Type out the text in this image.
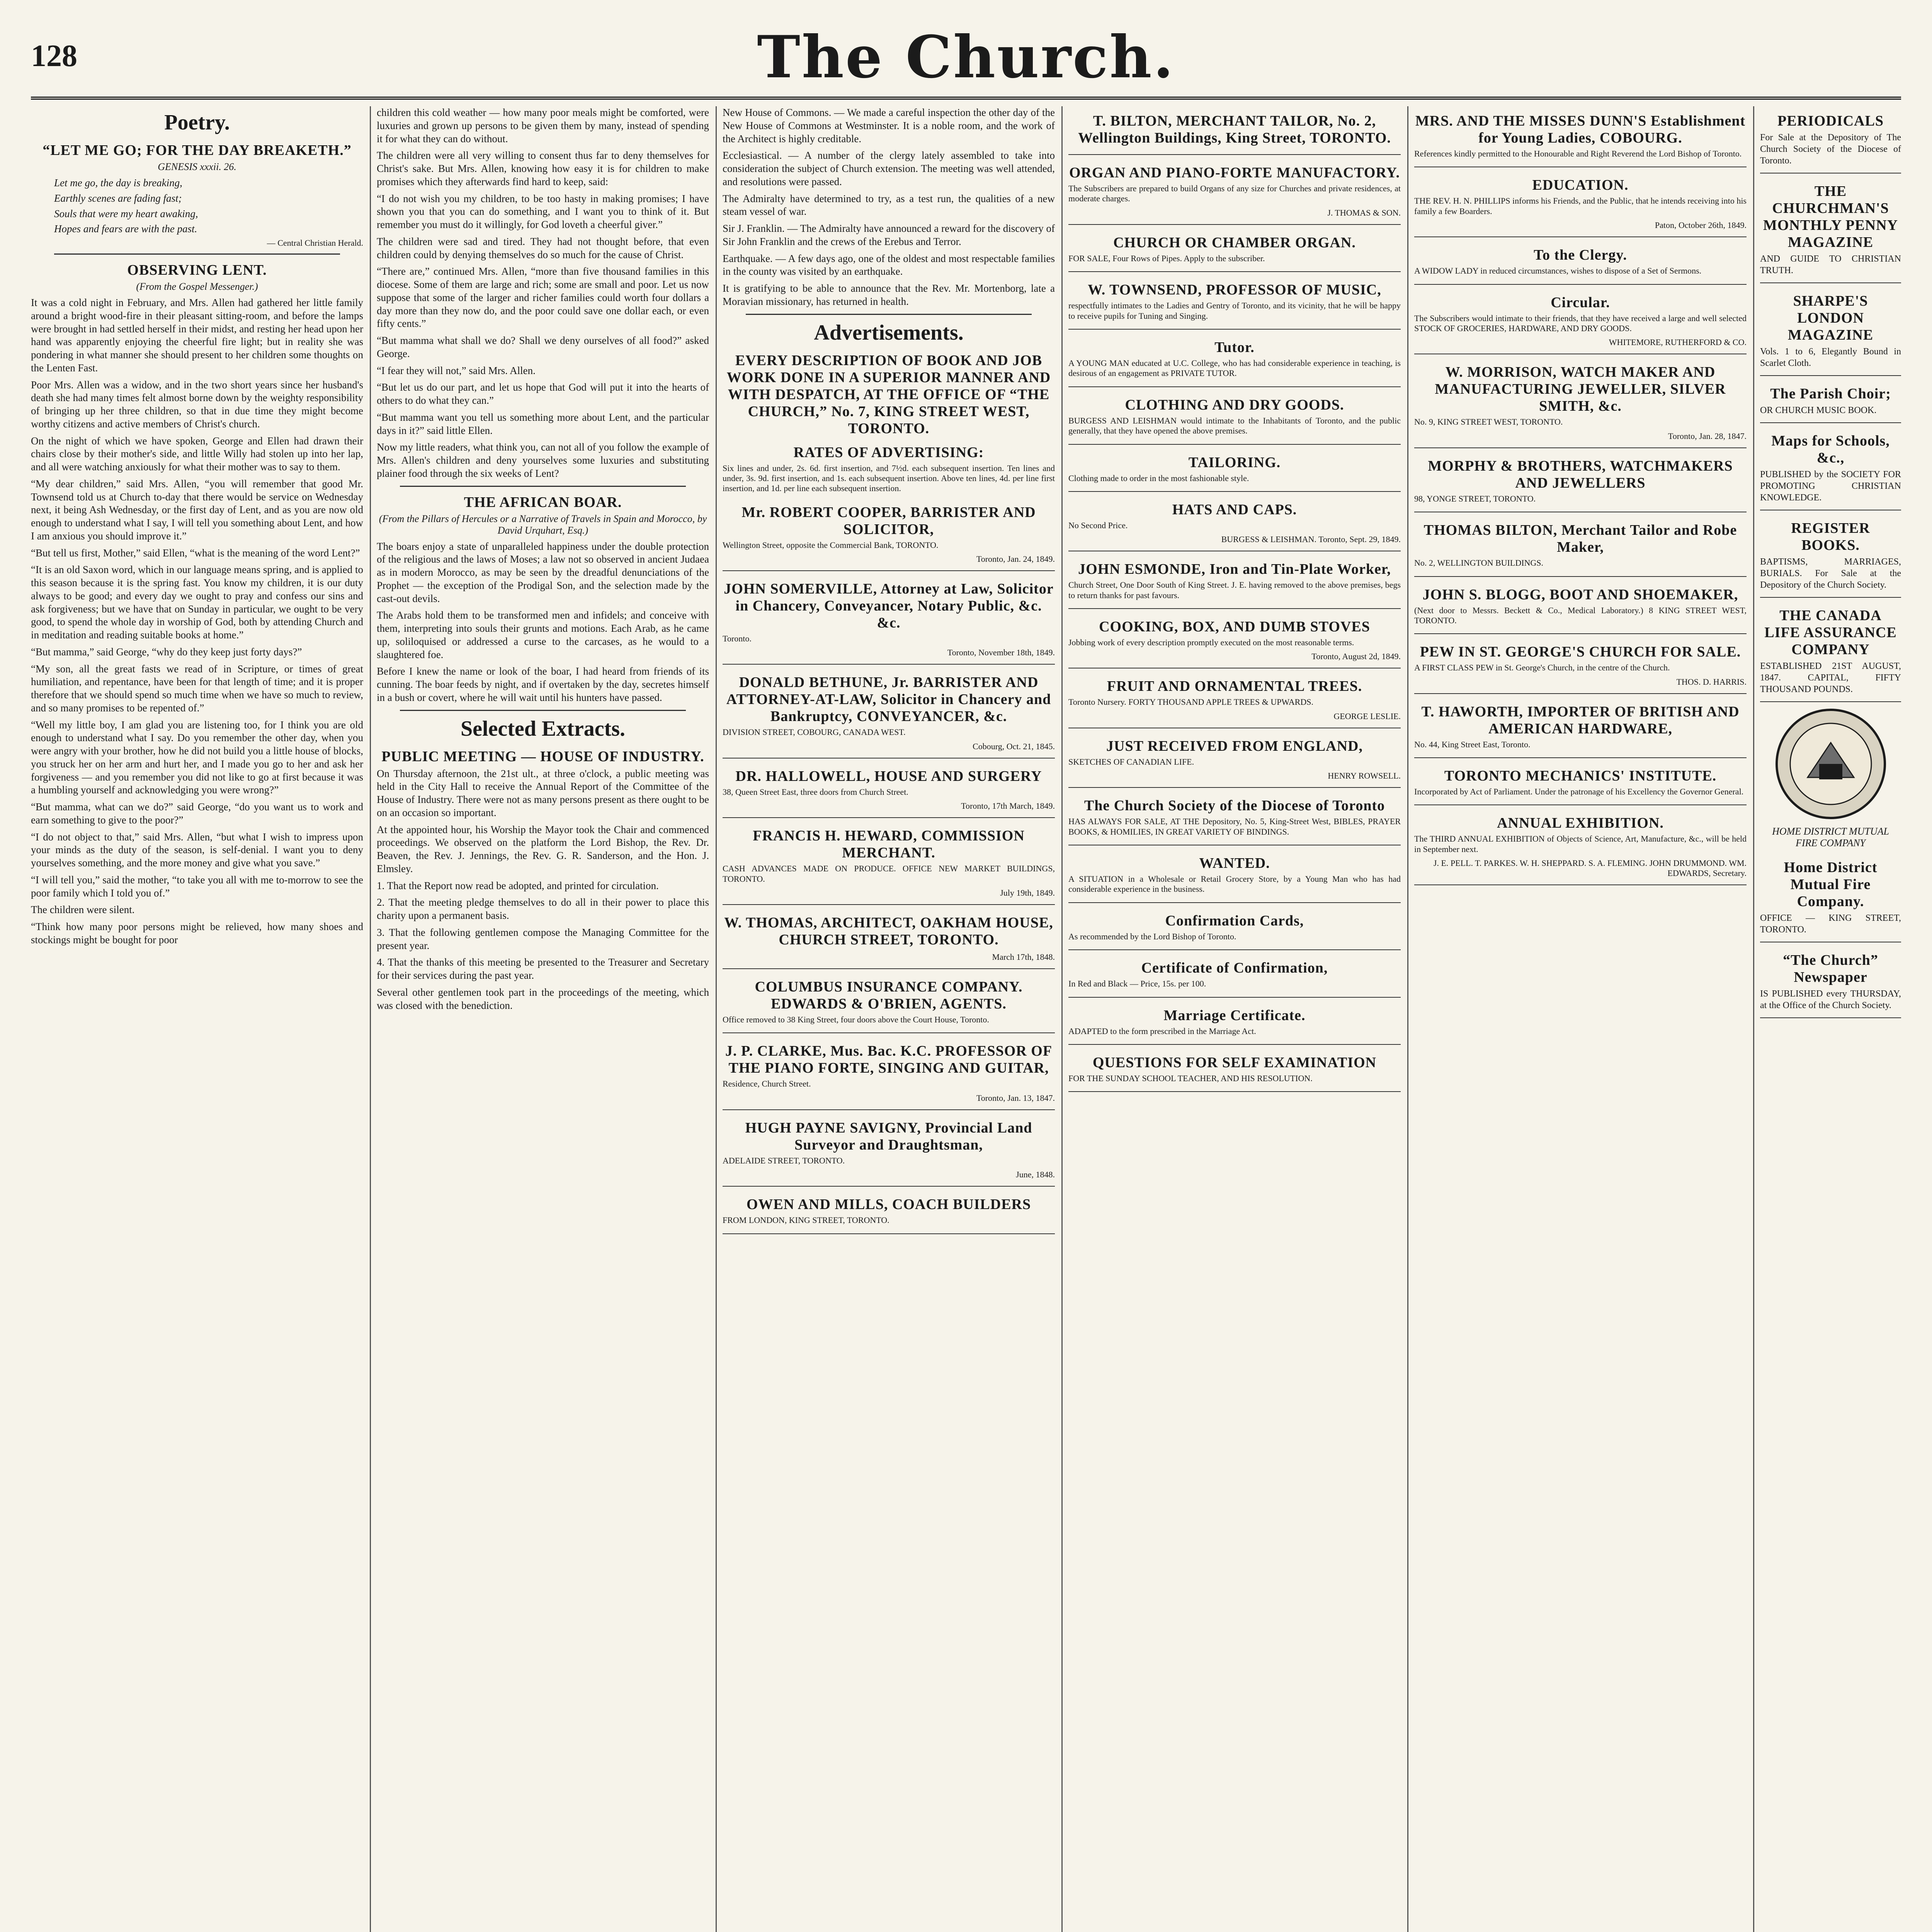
128	The Church.
Poetry.
“LET ME GO; FOR THE DAY BREAKETH.”
GENESIS xxxii. 26.

Let me go, the day is breaking,

Earthly scenes are fading fast;

Souls that were my heart awaking,

Hopes and fears are with the past.

— Central Christian Herald.
OBSERVING LENT.
(From the Gospel Messenger.)

It was a cold night in February, and Mrs. Allen had gathered her little family around a bright wood-fire in their pleasant sitting-room, and before the lamps were brought in had settled herself in their midst, and resting her head upon her hand was apparently enjoying the cheerful fire light; but in reality she was pondering in what manner she should present to her children some thoughts on the Lenten Fast.

Poor Mrs. Allen was a widow, and in the two short years since her husband's death she had many times felt almost borne down by the weighty responsibility of bringing up her three children, so that in due time they might become worthy citizens and active members of Christ's church.

On the night of which we have spoken, George and Ellen had drawn their chairs close by their mother's side, and little Willy had stolen up into her lap, and all were watching anxiously for what their mother was to say to them.

“My dear children,” said Mrs. Allen, “you will remember that good Mr. Townsend told us at Church to-day that there would be service on Wednesday next, it being Ash Wednesday, or the first day of Lent, and as you are now old enough to understand what I say, I will tell you something about Lent, and how I am anxious you should improve it.”

“But tell us first, Mother,” said Ellen, “what is the meaning of the word Lent?”

“It is an old Saxon word, which in our language means spring, and is applied to this season because it is the spring fast. You know my children, it is our duty always to be good; and every day we ought to pray and confess our sins and ask forgiveness; but we have that on Sunday in particular, we ought to be very good, to spend the whole day in worship of God, both by attending Church and in meditation and reading suitable books at home.”

“But mamma,” said George, “why do they keep just forty days?”

“My son, all the great fasts we read of in Scripture, or times of great humiliation, and repentance, have been for that length of time; and it is proper therefore that we should spend so much time when we have so much to review, and so many promises to be repented of.”

“Well my little boy, I am glad you are listening too, for I think you are old enough to understand what I say. Do you remember the other day, when you were angry with your brother, how he did not build you a little house of blocks, you struck her on her arm and hurt her, and I made you go to her and ask her forgiveness — and you remember you did not like to go at first because it was a humbling yourself and acknowledging you were wrong?”

“But mamma, what can we do?” said George, “do you want us to work and earn something to give to the poor?”

“I do not object to that,” said Mrs. Allen, “but what I wish to impress upon your minds as the duty of the season, is self-denial. I want you to deny yourselves something, and the more money and give what you save.”

“I will tell you,” said the mother, “to take you all with me to-morrow to see the poor family which I told you of.”

The children were silent.

“Think how many poor persons might be relieved, how many shoes and stockings might be bought for poor

children this cold weather — how many poor meals might be comforted, were luxuries and grown up persons to be given them by many, instead of spending it for what they can do without.

The children were all very willing to consent thus far to deny themselves for Christ's sake. But Mrs. Allen, knowing how easy it is for children to make promises which they afterwards find hard to keep, said:

“I do not wish you my children, to be too hasty in making promises; I have shown you that you can do something, and I want you to think of it. But remember you must do it willingly, for God loveth a cheerful giver.”

The children were sad and tired. They had not thought before, that even children could by denying themselves do so much for the cause of Christ.

“There are,” continued Mrs. Allen, “more than five thousand families in this diocese. Some of them are large and rich; some are small and poor. Let us now suppose that some of the larger and richer families could worth four dollars a day more than they now do, and the poor could save one dollar each, or even fifty cents.”

“But mamma what shall we do? Shall we deny ourselves of all food?” asked George.

“I fear they will not,” said Mrs. Allen.

“But let us do our part, and let us hope that God will put it into the hearts of others to do what they can.”

“But mamma want you tell us something more about Lent, and the particular days in it?” said little Ellen.

Now my little readers, what think you, can not all of you follow the example of Mrs. Allen's children and deny yourselves some luxuries and substituting plainer food through the six weeks of Lent?

THE AFRICAN BOAR.
(From the Pillars of Hercules or a Narrative of Travels in Spain and Morocco, by David Urquhart, Esq.)

The boars enjoy a state of unparalleled happiness under the double protection of the religious and the laws of Moses; a law not so observed in ancient Judaea as in modern Morocco, as may be seen by the dreadful denunciations of the Prophet — the exception of the Prodigal Son, and the selection made by the cast-out devils.

The Arabs hold them to be transformed men and infidels; and conceive with them, interpreting into souls their grunts and motions. Each Arab, as he came up, soliloquised or addressed a curse to the carcases, as he would to a slaughtered foe.

Before I knew the name or look of the boar, I had heard from friends of its cunning. The boar feeds by night, and if overtaken by the day, secretes himself in a bush or covert, where he will wait until his hunters have passed.

Selected Extracts.
PUBLIC MEETING — HOUSE OF INDUSTRY.

On Thursday afternoon, the 21st ult., at three o'clock, a public meeting was held in the City Hall to receive the Annual Report of the Committee of the House of Industry. There were not as many persons present as there ought to be on an occasion so important.

At the appointed hour, his Worship the Mayor took the Chair and commenced proceedings. We observed on the platform the Lord Bishop, the Rev. Dr. Beaven, the Rev. J. Jennings, the Rev. G. R. Sanderson, and the Hon. J. Elmsley.

1. That the Report now read be adopted, and printed for circulation.

2. That the meeting pledge themselves to do all in their power to place this charity upon a permanent basis.

3. That the following gentlemen compose the Managing Committee for the present year.

4. That the thanks of this meeting be presented to the Treasurer and Secretary for their services during the past year.

Several other gentlemen took part in the proceedings of the meeting, which was closed with the benediction.

New House of Commons. — We made a careful inspection the other day of the New House of Commons at Westminster. It is a noble room, and the work of the Architect is highly creditable.

Ecclesiastical. — A number of the clergy lately assembled to take into consideration the subject of Church extension. The meeting was well attended, and resolutions were passed.

The Admiralty have determined to try, as a test run, the qualities of a new steam vessel of war.

Sir J. Franklin. — The Admiralty have announced a reward for the discovery of Sir John Franklin and the crews of the Erebus and Terror.

Earthquake. — A few days ago, one of the oldest and most respectable families in the county was visited by an earthquake.

It is gratifying to be able to announce that the Rev. Mr. Mortenborg, late a Moravian missionary, has returned in health.

Advertisements.
EVERY DESCRIPTION OF BOOK AND JOB WORK DONE IN A SUPERIOR MANNER AND WITH DESPATCH, AT THE OFFICE OF “THE CHURCH,” No. 7, KING STREET WEST, TORONTO.
RATES OF ADVERTISING:

Six lines and under, 2s. 6d. first insertion, and 7½d. each subsequent insertion. Ten lines and under, 3s. 9d. first insertion, and 1s. each subsequent insertion. Above ten lines, 4d. per line first insertion, and 1d. per line each subsequent insertion.

Mr. ROBERT COOPER, BARRISTER AND SOLICITOR,

Wellington Street, opposite the Commercial Bank, TORONTO.

Toronto, Jan. 24, 1849.
JOHN SOMERVILLE, Attorney at Law, Solicitor in Chancery, Conveyancer, Notary Public, &c. &c.

Toronto.

Toronto, November 18th, 1849.
DONALD BETHUNE, Jr. BARRISTER AND ATTORNEY-AT-LAW, Solicitor in Chancery and Bankruptcy, CONVEYANCER, &c.

DIVISION STREET, COBOURG, CANADA WEST.

Cobourg, Oct. 21, 1845.
DR. HALLOWELL, HOUSE AND SURGERY

38, Queen Street East, three doors from Church Street.

Toronto, 17th March, 1849.
FRANCIS H. HEWARD, COMMISSION MERCHANT.

CASH ADVANCES MADE ON PRODUCE. OFFICE NEW MARKET BUILDINGS, TORONTO.

July 19th, 1849.
W. THOMAS, ARCHITECT, OAKHAM HOUSE, CHURCH STREET, TORONTO.

March 17th, 1848.
COLUMBUS INSURANCE COMPANY. EDWARDS & O'BRIEN, AGENTS.

Office removed to 38 King Street, four doors above the Court House, Toronto.

J. P. CLARKE, Mus. Bac. K.C. PROFESSOR OF THE PIANO FORTE, SINGING AND GUITAR,

Residence, Church Street.

Toronto, Jan. 13, 1847.
HUGH PAYNE SAVIGNY, Provincial Land Surveyor and Draughtsman,

ADELAIDE STREET, TORONTO.

June, 1848.
OWEN AND MILLS, COACH BUILDERS

FROM LONDON, KING STREET, TORONTO.

T. BILTON, MERCHANT TAILOR, No. 2, Wellington Buildings, King Street, TORONTO.

ORGAN AND PIANO-FORTE MANUFACTORY.

The Subscribers are prepared to build Organs of any size for Churches and private residences, at moderate charges.

J. THOMAS & SON.
CHURCH OR CHAMBER ORGAN.

FOR SALE, Four Rows of Pipes. Apply to the subscriber.

W. TOWNSEND, PROFESSOR OF MUSIC,

respectfully intimates to the Ladies and Gentry of Toronto, and its vicinity, that he will be happy to receive pupils for Tuning and Singing.

Tutor.

A YOUNG MAN educated at U.C. College, who has had considerable experience in teaching, is desirous of an engagement as PRIVATE TUTOR.

CLOTHING AND DRY GOODS.

BURGESS AND LEISHMAN would intimate to the Inhabitants of Toronto, and the public generally, that they have opened the above premises.

TAILORING.

Clothing made to order in the most fashionable style.

HATS AND CAPS.

No Second Price.

BURGESS & LEISHMAN. Toronto, Sept. 29, 1849.
JOHN ESMONDE, Iron and Tin-Plate Worker,

Church Street, One Door South of King Street. J. E. having removed to the above premises, begs to return thanks for past favours.

COOKING, BOX, AND DUMB STOVES

Jobbing work of every description promptly executed on the most reasonable terms.

Toronto, August 2d, 1849.
FRUIT AND ORNAMENTAL TREES.

Toronto Nursery. FORTY THOUSAND APPLE TREES & UPWARDS.

GEORGE LESLIE.
JUST RECEIVED FROM ENGLAND,

SKETCHES OF CANADIAN LIFE.

HENRY ROWSELL.
The Church Society of the Diocese of Toronto

HAS ALWAYS FOR SALE, AT THE Depository, No. 5, King-Street West, BIBLES, PRAYER BOOKS, & HOMILIES, IN GREAT VARIETY OF BINDINGS.

WANTED.

A SITUATION in a Wholesale or Retail Grocery Store, by a Young Man who has had considerable experience in the business.

Confirmation Cards,

As recommended by the Lord Bishop of Toronto.

Certificate of Confirmation,

In Red and Black — Price, 15s. per 100.

Marriage Certificate.

ADAPTED to the form prescribed in the Marriage Act.

QUESTIONS FOR SELF EXAMINATION

FOR THE SUNDAY SCHOOL TEACHER, AND HIS RESOLUTION.

MRS. AND THE MISSES DUNN'S Establishment for Young Ladies, COBOURG.

References kindly permitted to the Honourable and Right Reverend the Lord Bishop of Toronto.

EDUCATION.

THE REV. H. N. PHILLIPS informs his Friends, and the Public, that he intends receiving into his family a few Boarders.

Paton, October 26th, 1849.
To the Clergy.

A WIDOW LADY in reduced circumstances, wishes to dispose of a Set of Sermons.

Circular.

The Subscribers would intimate to their friends, that they have received a large and well selected STOCK OF GROCERIES, HARDWARE, AND DRY GOODS.

WHITEMORE, RUTHERFORD & CO.
W. MORRISON, WATCH MAKER AND MANUFACTURING JEWELLER, SILVER SMITH, &c.

No. 9, KING STREET WEST, TORONTO.

Toronto, Jan. 28, 1847.
MORPHY & BROTHERS, WATCHMAKERS AND JEWELLERS

98, YONGE STREET, TORONTO.

THOMAS BILTON, Merchant Tailor and Robe Maker,

No. 2, WELLINGTON BUILDINGS.

JOHN S. BLOGG, BOOT AND SHOEMAKER,

(Next door to Messrs. Beckett & Co., Medical Laboratory.) 8 KING STREET WEST, TORONTO.

PEW IN ST. GEORGE'S CHURCH FOR SALE.

A FIRST CLASS PEW in St. George's Church, in the centre of the Church.

THOS. D. HARRIS.
T. HAWORTH, IMPORTER OF BRITISH AND AMERICAN HARDWARE,

No. 44, King Street East, Toronto.

TORONTO MECHANICS' INSTITUTE.

Incorporated by Act of Parliament. Under the patronage of his Excellency the Governor General.

ANNUAL EXHIBITION.

The THIRD ANNUAL EXHIBITION of Objects of Science, Art, Manufacture, &c., will be held in September next.

J. E. PELL. T. PARKES. W. H. SHEPPARD. S. A. FLEMING. JOHN DRUMMOND. WM. EDWARDS, Secretary.
PERIODICALS

For Sale at the Depository of The Church Society of the Diocese of Toronto.

THE CHURCHMAN'S MONTHLY PENNY MAGAZINE

AND GUIDE TO CHRISTIAN TRUTH.

SHARPE'S LONDON MAGAZINE

Vols. 1 to 6, Elegantly Bound in Scarlet Cloth.

The Parish Choir;

OR CHURCH MUSIC BOOK.

Maps for Schools, &c.,

PUBLISHED by the SOCIETY FOR PROMOTING CHRISTIAN KNOWLEDGE.

REGISTER BOOKS.

BAPTISMS, MARRIAGES, BURIALS. For Sale at the Depository of the Church Society.

THE CANADA LIFE ASSURANCE COMPANY

ESTABLISHED 21ST AUGUST, 1847. CAPITAL, FIFTY THOUSAND POUNDS.

HOME DISTRICT MUTUAL FIRE COMPANY
Home District Mutual Fire Company.

OFFICE — KING STREET, TORONTO.

“The Church” Newspaper

IS PUBLISHED every THURSDAY, at the Office of the Church Society.
